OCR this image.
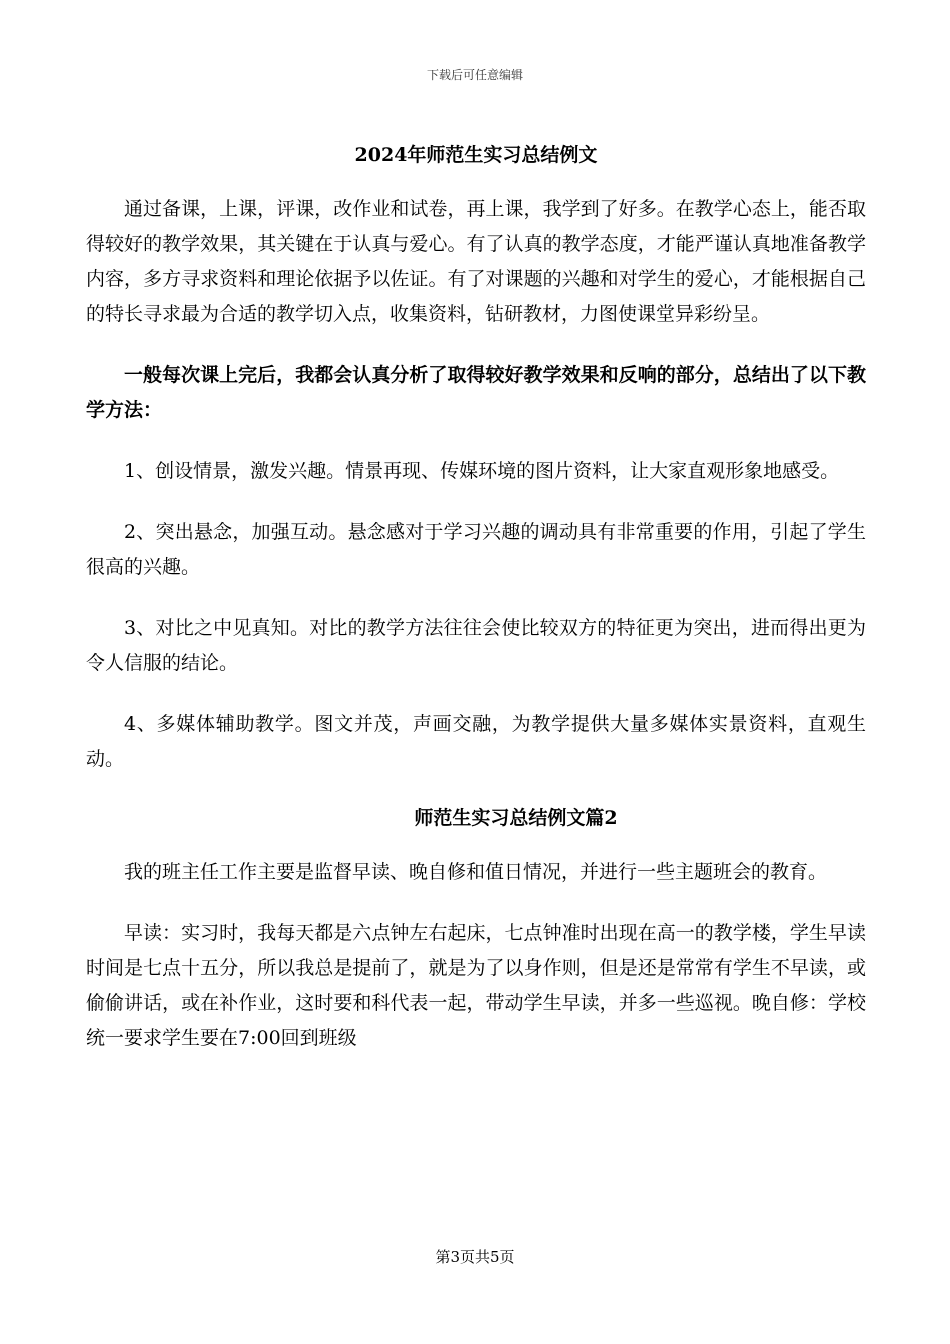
下载后可任意编辑
2024年师范生实习总结例文

通过备课，上课，评课，改作业和试卷，再上课，我学到了好多。在教学心态上，能否取得较好的教学效果，其关键在于认真与爱心。有了认真的教学态度，才能严谨认真地准备教学内容，多方寻求资料和理论依据予以佐证。有了对课题的兴趣和对学生的爱心，才能根据自己的特长寻求最为合适的教学切入点，收集资料，钻研教材，力图使课堂异彩纷呈。

一般每次课上完后，我都会认真分析了取得较好教学效果和反响的部分，总结出了以下教学方法：

1、创设情景，激发兴趣。情景再现、传媒环境的图片资料，让大家直观形象地感受。

2、突出悬念，加强互动。悬念感对于学习兴趣的调动具有非常重要的作用，引起了学生很高的兴趣。

3、对比之中见真知。对比的教学方法往往会使比较双方的特征更为突出，进而得出更为令人信服的结论。

4、多媒体辅助教学。图文并茂，声画交融，为教学提供大量多媒体实景资料，直观生动。

师范生实习总结例文篇2

我的班主任工作主要是监督早读、晚自修和值日情况，并进行一些主题班会的教育。

早读：实习时，我每天都是六点钟左右起床，七点钟准时出现在高一的教学楼，学生早读时间是七点十五分，所以我总是提前了，就是为了以身作则，但是还是常常有学生不早读，或偷偷讲话，或在补作业，这时要和科代表一起，带动学生早读，并多一些巡视。晚自修：学校统一要求学生要在7:00回到班级

第3页共5页
